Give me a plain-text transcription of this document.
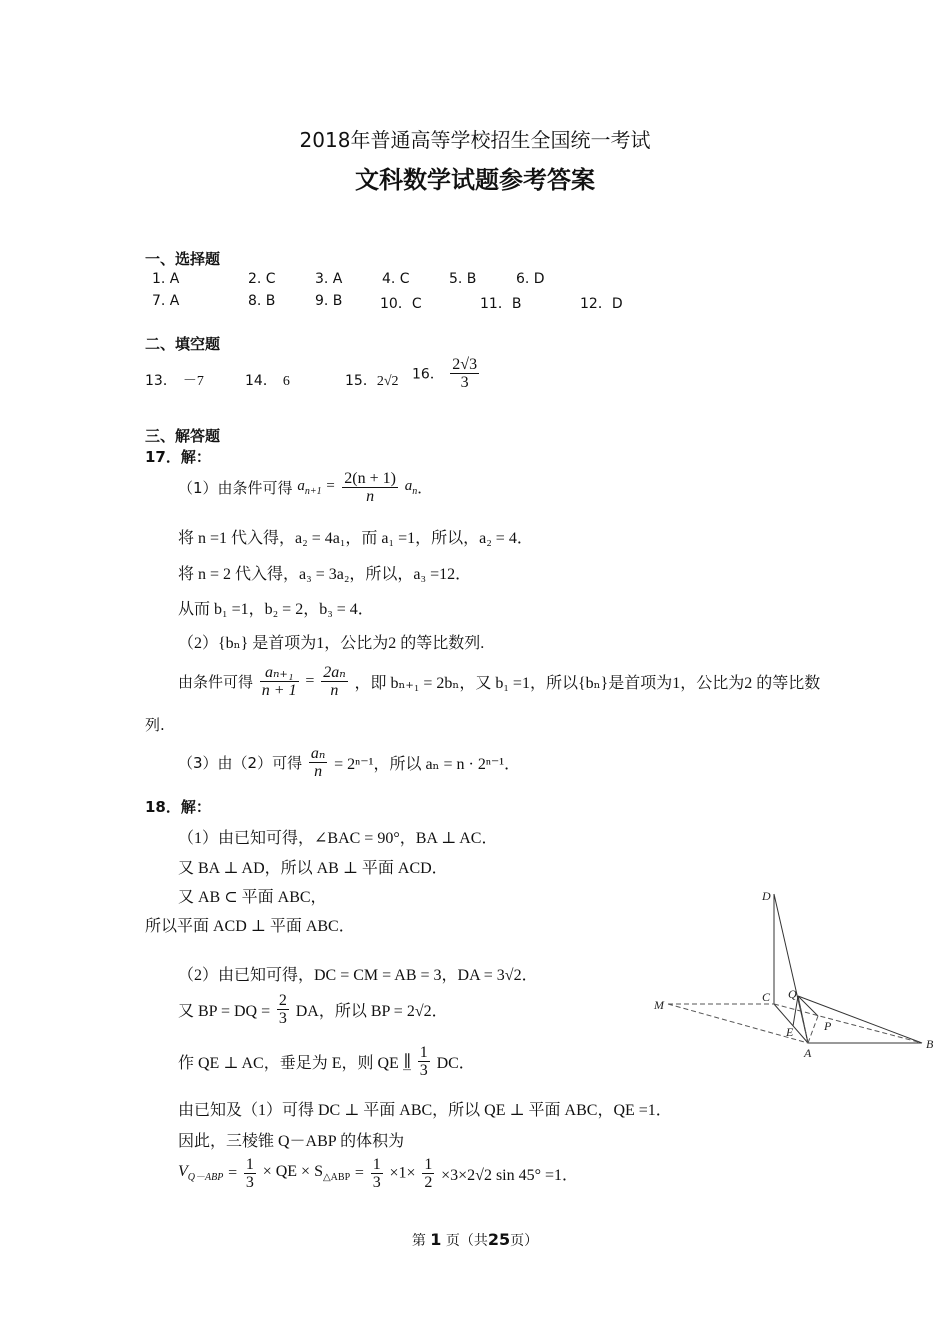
2018年普通高等学校招生全国统一考试
文科数学试题参考答案
一、选择题
1. A	2. C	3. A	4. C	5. B	6. D
7. A	8. B	9. B	10．C	11．B	12．D
二、填空题
13． －7	14． 6	15．2√2 16． $\frac{2√3}{3}$
三、解答题
17．解：
（1）由条件可得 $a_{n+1} = \frac{2(n + 1)}{n} a_n$．
将 n =1 代入得，a₂ = 4a₁，而 a₁ =1，所以，a₂ = 4．
将 n = 2 代入得，a₃ = 3a₂，所以，a₃ =12．
从而 b₁ =1，b₂ = 2，b₃ = 4．
（2）{bₙ} 是首项为1，公比为2 的等比数列.
由条件可得 $\frac{\text{aₙ₊₁}}{n + 1} = \frac{\text{2aₙ}}{n}$ ，即 bₙ₊₁ = 2bₙ，又 b₁ =1，所以{bₙ}是首项为1，公比为2 的等比数
列.
（3）由（2）可得 $\frac{\text{aₙ}}{n} = 2^{n-1}$，所以 aₙ = n · 2ⁿ⁻¹．
18．解：
（1）由已知可得，∠BAC = 90°，BA ⊥ AC．
又 BA ⊥ AD，所以 AB ⊥ 平面 ACD．
又 AB ⊂ 平面 ABC，
所以平面 ACD ⊥ 平面 ABC．
（2）由已知可得，DC = CM = AB = 3，DA = 3√2．
又 BP = DQ = $\frac{2}{3}$ DA，所以 BP = 2√2．
作 QE ⊥ AC，垂足为 E，则 QE ∥̲ $\frac{1}{3}$ DC．
由已知及（1）可得 DC ⊥ 平面 ABC，所以 QE ⊥ 平面 ABC，QE =1．
因此，三棱锥 Q－ABP 的体积为
$V_{Q-ABP} = \frac{1}{3}$ × QE × $S_{\triangle ABP} = \frac{1}{3} \times 1\times \frac{1}{2} \times 3\times 2√2$ sin 45° =1．
D
C Q
M
E	P
A
B
第 1 页（共25页）
